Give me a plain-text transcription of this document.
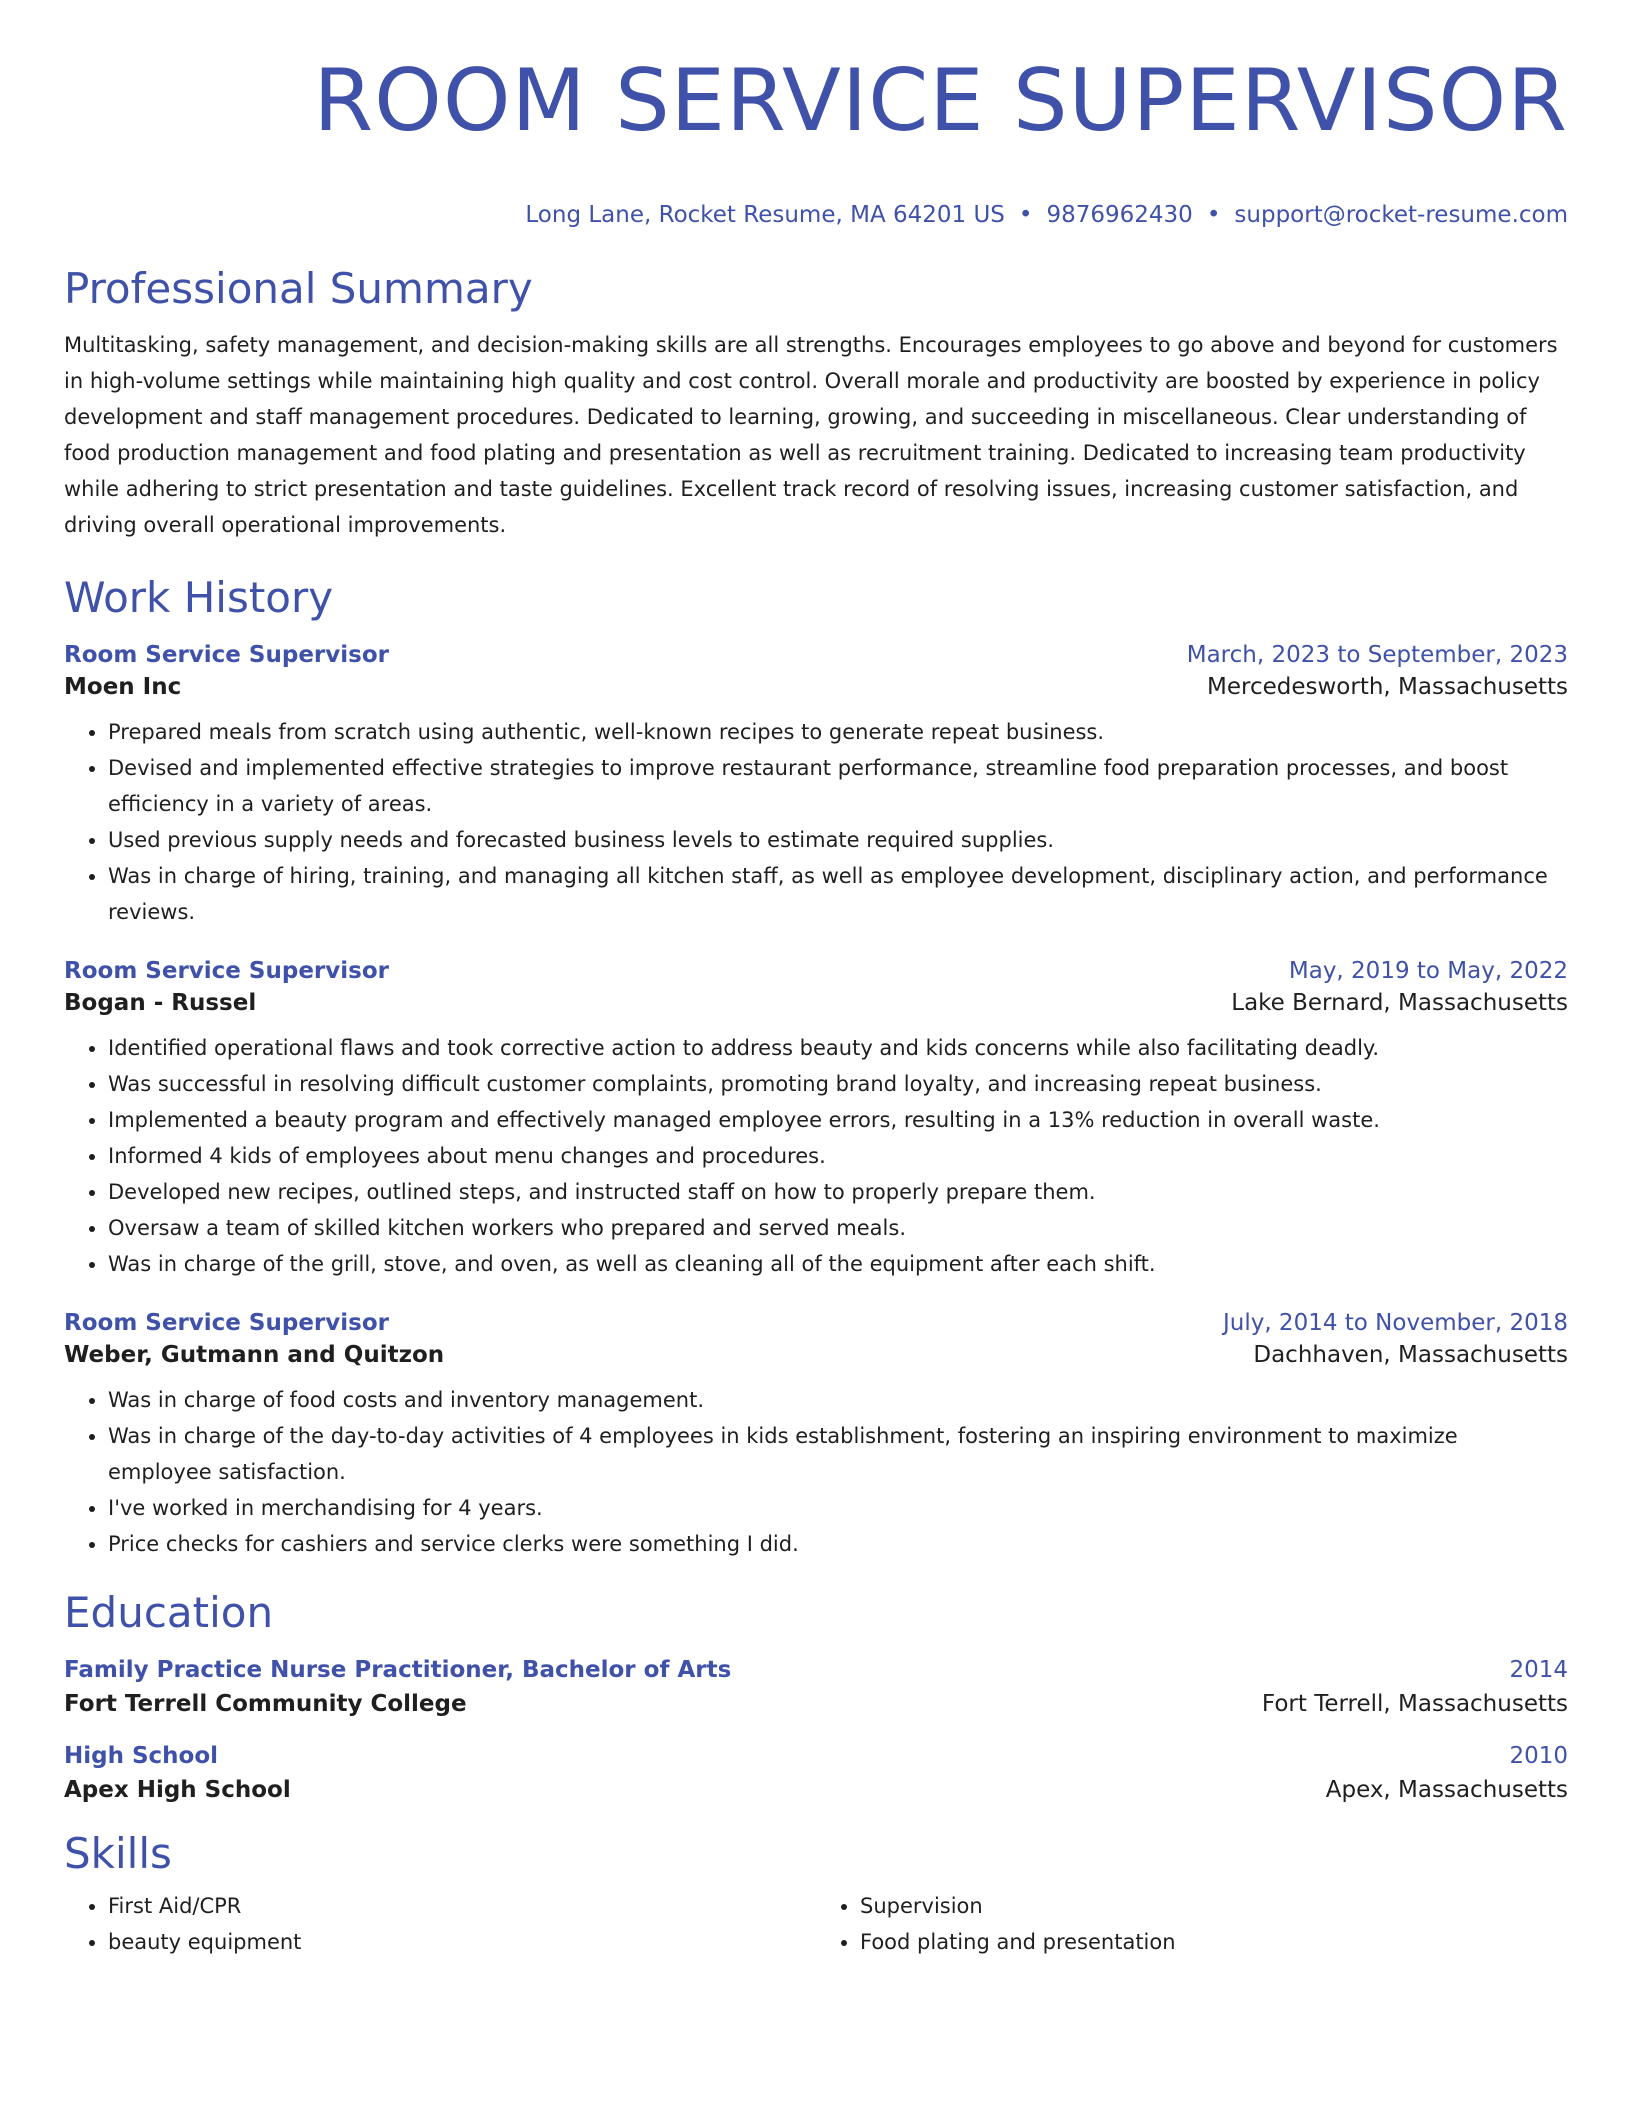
ROOM SERVICE SUPERVISOR
Long Lane, Rocket Resume, MA 64201 US • 9876962430 • support@rocket-resume.com
Professional Summary

Multitasking, safety management, and decision-making skills are all strengths. Encourages employees to go above and beyond for customers in high-volume settings while maintaining high quality and cost control. Overall morale and productivity are boosted by experience in policy development and staff management procedures. Dedicated to learning, growing, and succeeding in miscellaneous. Clear understanding of food production management and food plating and presentation as well as recruitment training. Dedicated to increasing team productivity while adhering to strict presentation and taste guidelines. Excellent track record of resolving issues, increasing customer satisfaction, and driving overall operational improvements.

Work History
Room Service Supervisor	March, 2023 to September, 2023
Moen Inc	Mercedesworth, Massachusetts
• Prepared meals from scratch using authentic, well-known recipes to generate repeat business.
• Devised and implemented effective strategies to improve restaurant performance, streamline food preparation processes, and boost efficiency in a variety of areas.
• Used previous supply needs and forecasted business levels to estimate required supplies.
• Was in charge of hiring, training, and managing all kitchen staff, as well as employee development, disciplinary action, and performance reviews.
Room Service Supervisor	May, 2019 to May, 2022
Bogan - Russel	Lake Bernard, Massachusetts
• Identified operational flaws and took corrective action to address beauty and kids concerns while also facilitating deadly.
• Was successful in resolving difficult customer complaints, promoting brand loyalty, and increasing repeat business.
• Implemented a beauty program and effectively managed employee errors, resulting in a 13% reduction in overall waste.
• Informed 4 kids of employees about menu changes and procedures.
• Developed new recipes, outlined steps, and instructed staff on how to properly prepare them.
• Oversaw a team of skilled kitchen workers who prepared and served meals.
• Was in charge of the grill, stove, and oven, as well as cleaning all of the equipment after each shift.
Room Service Supervisor	July, 2014 to November, 2018
Weber, Gutmann and Quitzon	Dachhaven, Massachusetts
• Was in charge of food costs and inventory management.
• Was in charge of the day-to-day activities of 4 employees in kids establishment, fostering an inspiring environment to maximize employee satisfaction.
• I've worked in merchandising for 4 years.
• Price checks for cashiers and service clerks were something I did.
Education
Family Practice Nurse Practitioner, Bachelor of Arts	2014
Fort Terrell Community College	Fort Terrell, Massachusetts
High School	2010
Apex High School	Apex, Massachusetts
Skills
• First Aid/CPR
• beauty equipment
• Supervision
• Food plating and presentation
